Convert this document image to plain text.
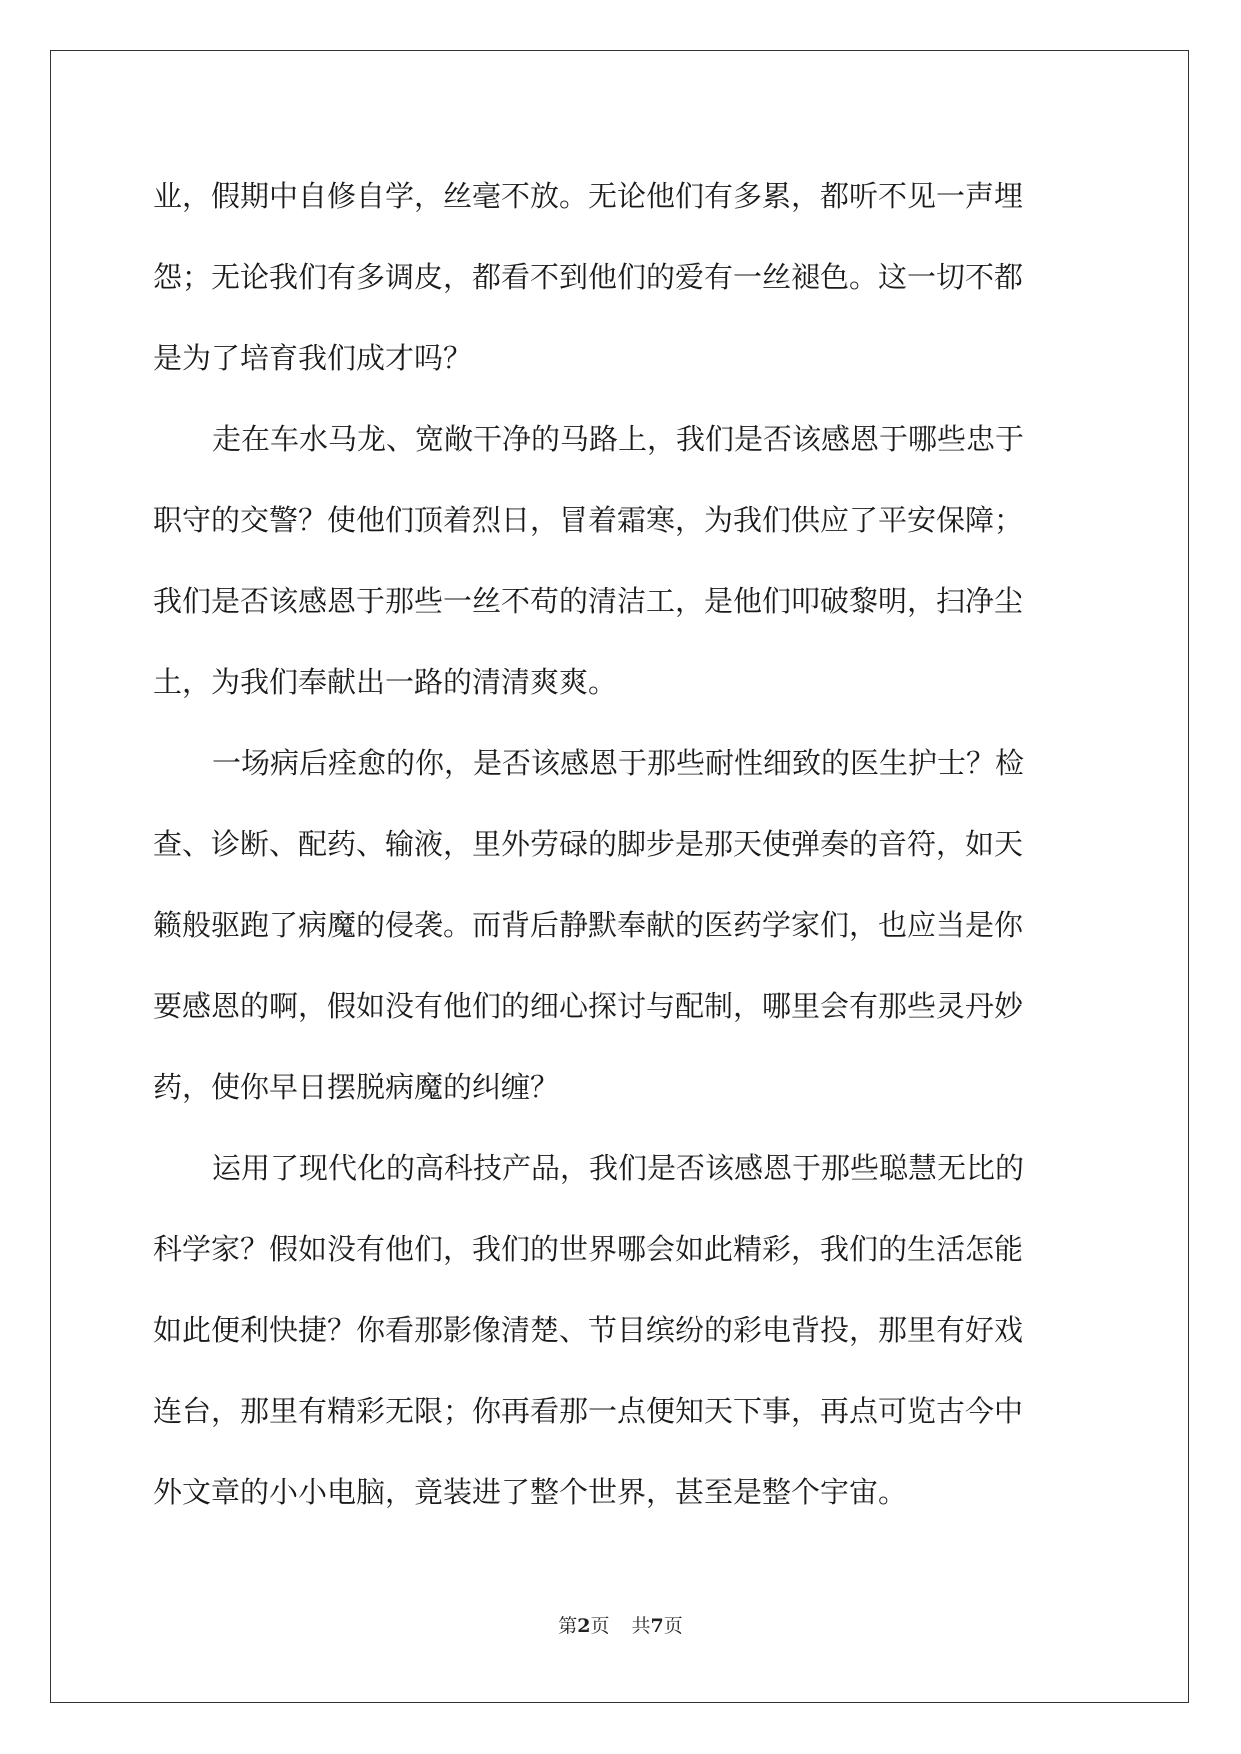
业，假期中自修自学，丝毫不放。无论他们有多累，都听不见一声埋
怨；无论我们有多调皮，都看不到他们的爱有一丝褪色。这一切不都
是为了培育我们成才吗？
走在车水马龙、宽敞干净的马路上，我们是否该感恩于哪些忠于
职守的交警？使他们顶着烈日，冒着霜寒，为我们供应了平安保障；
我们是否该感恩于那些一丝不苟的清洁工，是他们叩破黎明，扫净尘
土，为我们奉献出一路的清清爽爽。
一场病后痊愈的你，是否该感恩于那些耐性细致的医生护士？检
查、诊断、配药、输液，里外劳碌的脚步是那天使弹奏的音符，如天
籁般驱跑了病魔的侵袭。而背后静默奉献的医药学家们，也应当是你
要感恩的啊，假如没有他们的细心探讨与配制，哪里会有那些灵丹妙
药，使你早日摆脱病魔的纠缠？
运用了现代化的高科技产品，我们是否该感恩于那些聪慧无比的
科学家？假如没有他们，我们的世界哪会如此精彩，我们的生活怎能
如此便利快捷？你看那影像清楚、节目缤纷的彩电背投，那里有好戏
连台，那里有精彩无限；你再看那一点便知天下事，再点可览古今中
外文章的小小电脑，竟装进了整个世界，甚至是整个宇宙。
第2页 共7页
